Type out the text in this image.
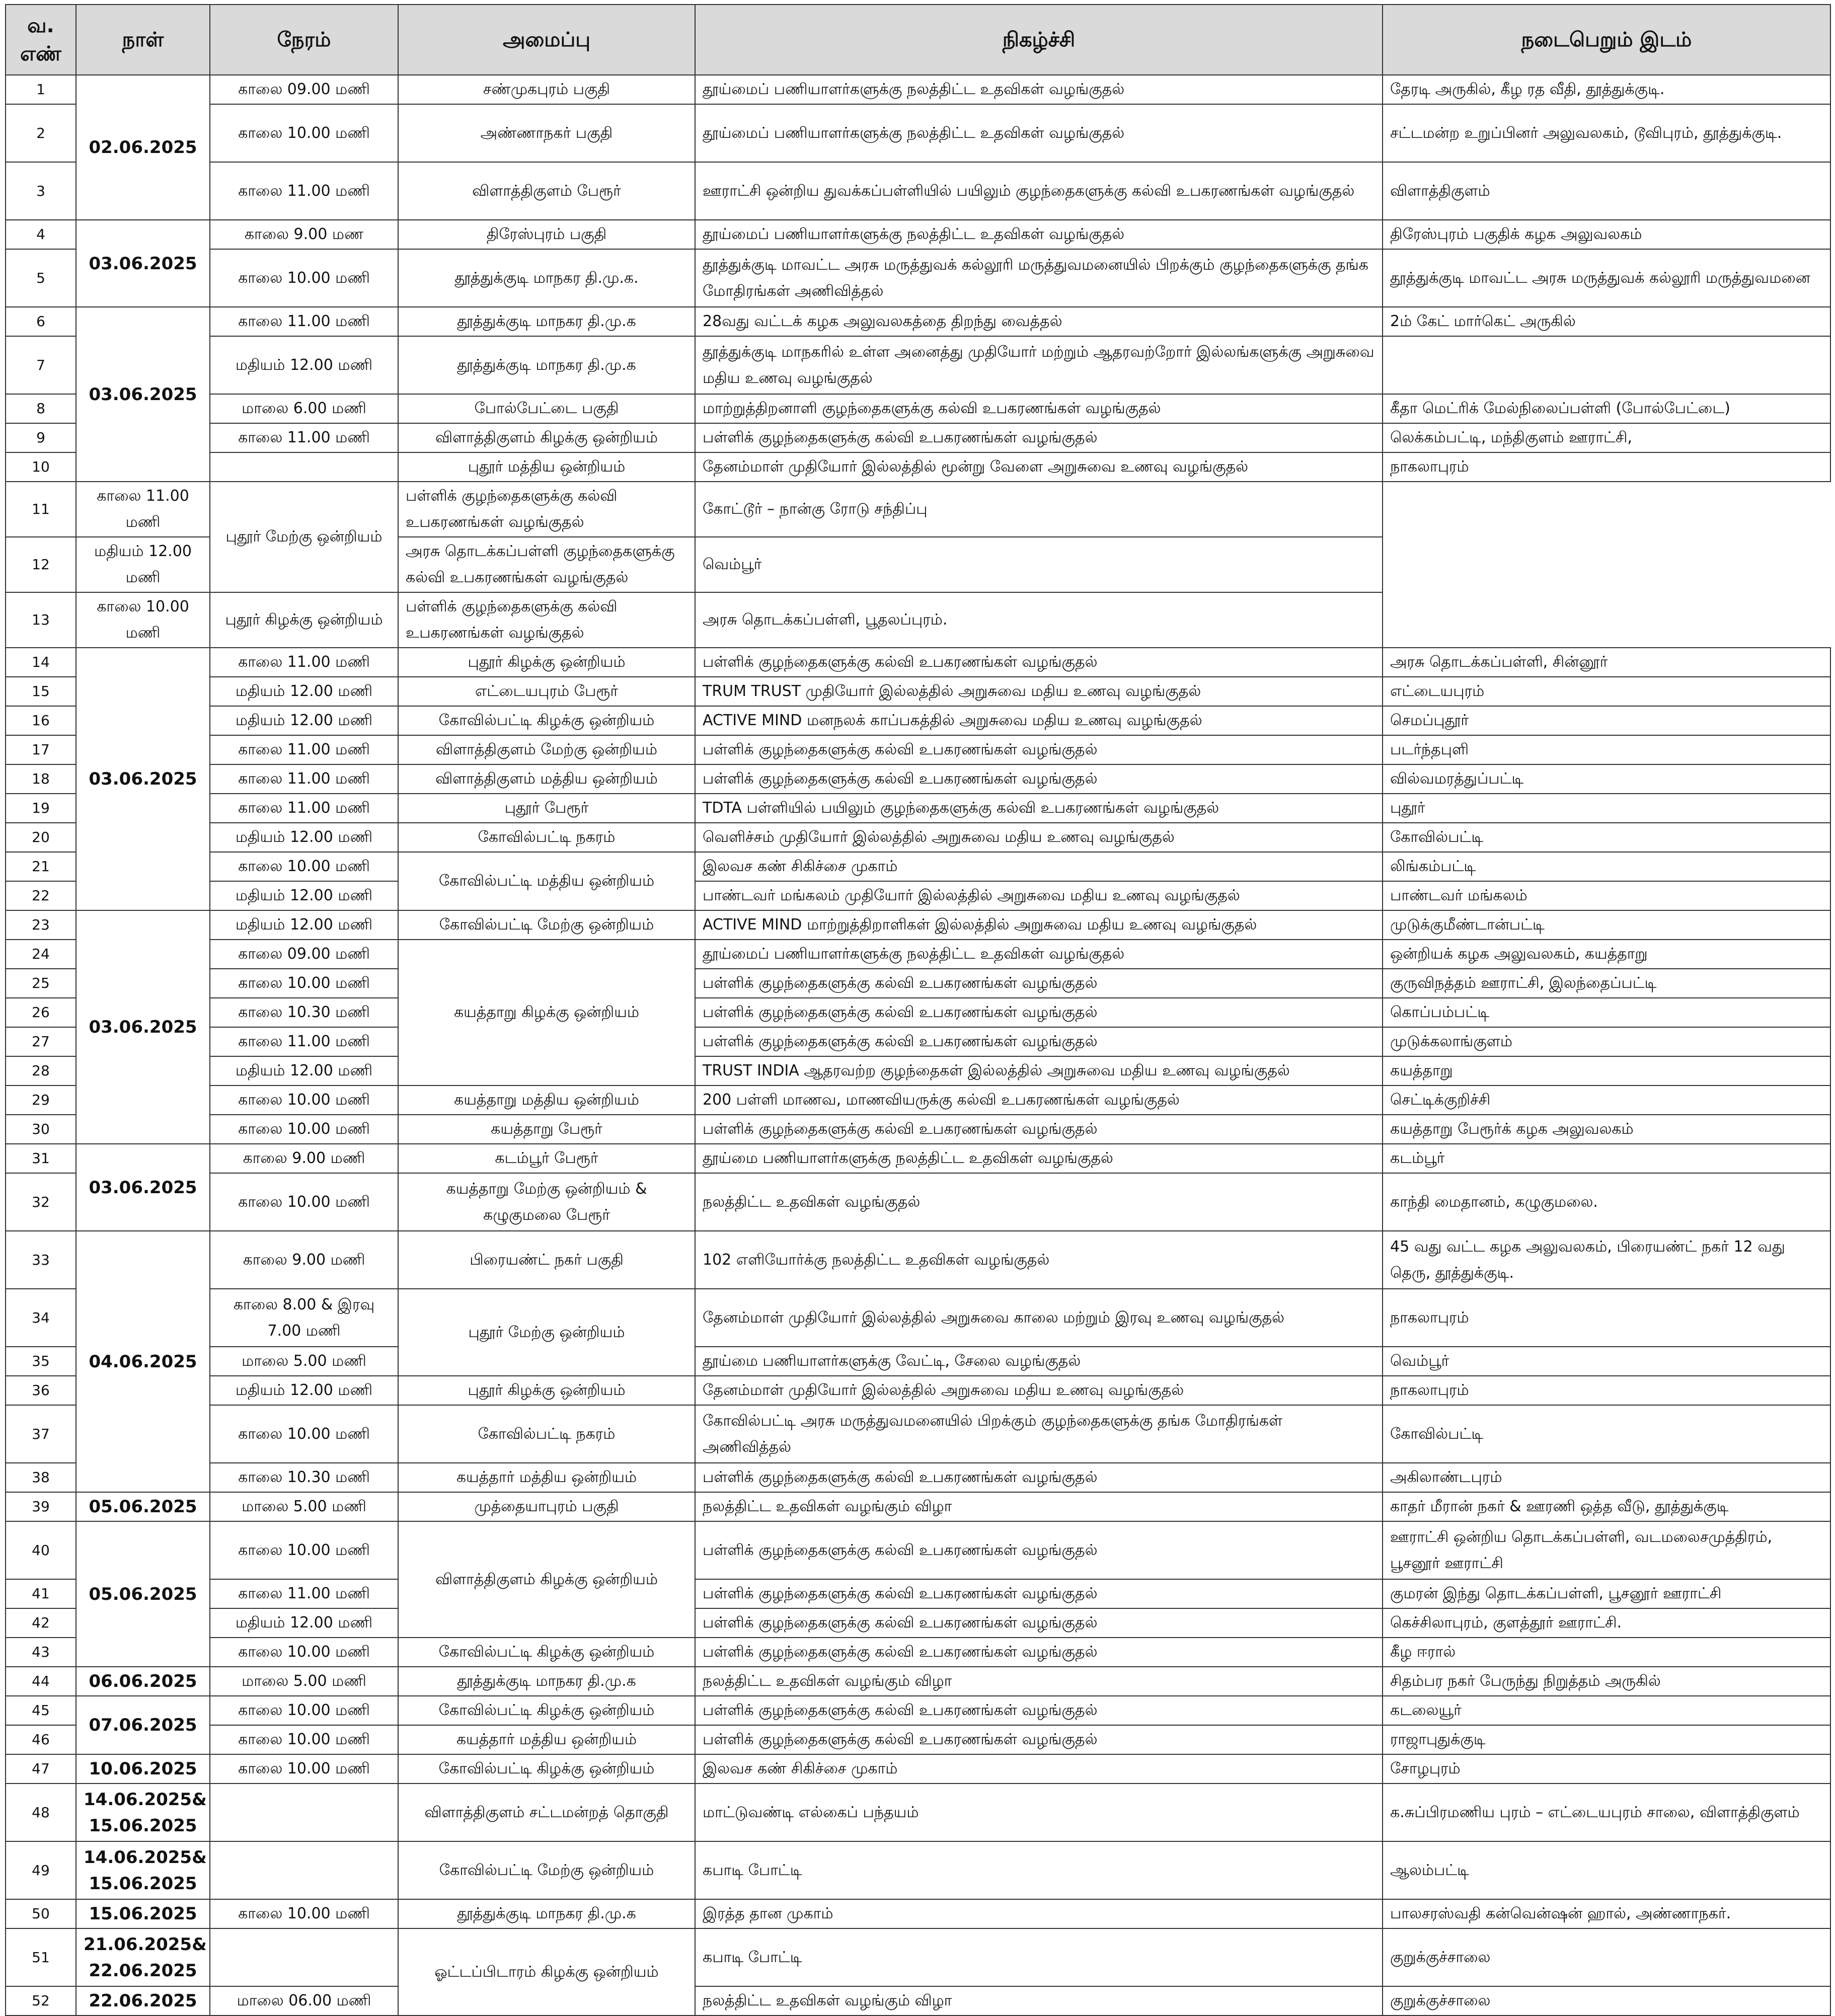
வ. எண்	நாள்	நேரம்	அமைப்பு	நிகழ்ச்சி	நடைபெறும் இடம்
1	02.06.2025	காலை 09.00 மணி	சண்முகபுரம் பகுதி	தூய்மைப் பணியாளர்களுக்கு நலத்திட்ட உதவிகள் வழங்குதல்	தேரடி அருகில், கீழ ரத வீதி, தூத்துக்குடி.
2		காலை 10.00 மணி	அண்ணாநகர் பகுதி	தூய்மைப் பணியாளர்களுக்கு நலத்திட்ட உதவிகள் வழங்குதல்	சட்டமன்ற உறுப்பினர் அலுவலகம், டூவிபுரம், தூத்துக்குடி.
3		காலை 11.00 மணி	விளாத்திகுளம் பேரூர்	ஊராட்சி ஒன்றிய துவக்கப்பள்ளியில் பயிலும் குழந்தைகளுக்கு கல்வி உபகரணங்கள் வழங்குதல்	விளாத்திகுளம்
4	03.06.2025	காலை 9.00 மண	திரேஸ்புரம் பகுதி	தூய்மைப் பணியாளர்களுக்கு நலத்திட்ட உதவிகள் வழங்குதல்	திரேஸ்புரம் பகுதிக் கழக அலுவலகம்
5		காலை 10.00 மணி	தூத்துக்குடி மாநகர தி.மு.க.	தூத்துக்குடி மாவட்ட அரசு மருத்துவக் கல்லூரி மருத்துவமனையில் பிறக்கும் குழந்தைகளுக்கு தங்க மோதிரங்கள் அணிவித்தல்	தூத்துக்குடி மாவட்ட அரசு மருத்துவக் கல்லூரி மருத்துவமனை
6	03.06.2025	காலை 11.00 மணி	தூத்துக்குடி மாநகர தி.மு.க	28வது வட்டக் கழக அலுவலகத்தை திறந்து வைத்தல்	2ம் கேட் மார்கெட் அருகில்
7		மதியம் 12.00 மணி	தூத்துக்குடி மாநகர தி.மு.க	தூத்துக்குடி மாநகரில் உள்ள அனைத்து முதியோர் மற்றும் ஆதரவற்றோர் இல்லங்களுக்கு அறுசுவை மதிய உணவு வழங்குதல்	
8		மாலை 6.00 மணி	போல்பேட்டை பகுதி	மாற்றுத்திறனாளி குழந்தைகளுக்கு கல்வி உபகரணங்கள் வழங்குதல்	கீதா மெட்ரிக் மேல்நிலைப்பள்ளி (போல்பேட்டை)
9		காலை 11.00 மணி	விளாத்திகுளம் கிழக்கு ஒன்றியம்	பள்ளிக் குழந்தைகளுக்கு கல்வி உபகரணங்கள் வழங்குதல்	லெக்கம்பட்டி, மந்திகுளம் ஊராட்சி,
10			புதூர் மத்திய ஒன்றியம்	தேனம்மாள் முதியோர் இல்லத்தில் மூன்று வேளை அறுசுவை உணவு வழங்குதல்	நாகலாபுரம்
11	காலை 11.00 மணி	புதூர் மேற்கு ஒன்றியம்	பள்ளிக் குழந்தைகளுக்கு கல்வி உபகரணங்கள் வழங்குதல்	கோட்டூர் – நான்கு ரோடு சந்திப்பு	
12	மதியம் 12.00 மணி		அரசு தொடக்கப்பள்ளி குழந்தைகளுக்கு கல்வி உபகரணங்கள் வழங்குதல்	வெம்பூர்	
13	காலை 10.00 மணி	புதூர் கிழக்கு ஒன்றியம்	பள்ளிக் குழந்தைகளுக்கு கல்வி உபகரணங்கள் வழங்குதல்	அரசு தொடக்கப்பள்ளி, பூதலப்புரம்.	
14	03.06.2025	காலை 11.00 மணி	புதூர் கிழக்கு ஒன்றியம்	பள்ளிக் குழந்தைகளுக்கு கல்வி உபகரணங்கள் வழங்குதல்	அரசு தொடக்கப்பள்ளி, சின்னூர்
15		மதியம் 12.00 மணி	எட்டையபுரம் பேரூர்	TRUM TRUST முதியோர் இல்லத்தில் அறுசுவை மதிய உணவு வழங்குதல்	எட்டையபுரம்
16		மதியம் 12.00 மணி	கோவில்பட்டி கிழக்கு ஒன்றியம்	ACTIVE MIND மனநலக் காப்பகத்தில் அறுசுவை மதிய உணவு வழங்குதல்	செமப்புதூர்
17		காலை 11.00 மணி	விளாத்திகுளம் மேற்கு ஒன்றியம்	பள்ளிக் குழந்தைகளுக்கு கல்வி உபகரணங்கள் வழங்குதல்	படர்ந்தபுளி
18		காலை 11.00 மணி	விளாத்திகுளம் மத்திய ஒன்றியம்	பள்ளிக் குழந்தைகளுக்கு கல்வி உபகரணங்கள் வழங்குதல்	வில்வமரத்துப்பட்டி
19		காலை 11.00 மணி	புதூர் பேரூர்	TDTA பள்ளியில் பயிலும் குழந்தைகளுக்கு கல்வி உபகரணங்கள் வழங்குதல்	புதூர்
20		மதியம் 12.00 மணி	கோவில்பட்டி நகரம்	வெளிச்சம் முதியோர் இல்லத்தில் அறுசுவை மதிய உணவு வழங்குதல்	கோவில்பட்டி
21		காலை 10.00 மணி	கோவில்பட்டி மத்திய ஒன்றியம்	இலவச கண் சிகிச்சை முகாம்	லிங்கம்பட்டி
22		மதியம் 12.00 மணி		பாண்டவர் மங்கலம் முதியோர் இல்லத்தில் அறுசுவை மதிய உணவு வழங்குதல்	பாண்டவர் மங்கலம்
23	03.06.2025	மதியம் 12.00 மணி	கோவில்பட்டி மேற்கு ஒன்றியம்	ACTIVE MIND மாற்றுத்திறாளிகள் இல்லத்தில் அறுசுவை மதிய உணவு வழங்குதல்	முடுக்குமீண்டான்பட்டி
24		காலை 09.00 மணி	கயத்தாறு கிழக்கு ஒன்றியம்	தூய்மைப் பணியாளர்களுக்கு நலத்திட்ட உதவிகள் வழங்குதல்	ஒன்றியக் கழக அலுவலகம், கயத்தாறு
25		காலை 10.00 மணி		பள்ளிக் குழந்தைகளுக்கு கல்வி உபகரணங்கள் வழங்குதல்	குருவிநத்தம் ஊராட்சி, இலந்தைப்பட்டி
26		காலை 10.30 மணி		பள்ளிக் குழந்தைகளுக்கு கல்வி உபகரணங்கள் வழங்குதல்	கொப்பம்பட்டி
27		காலை 11.00 மணி		பள்ளிக் குழந்தைகளுக்கு கல்வி உபகரணங்கள் வழங்குதல்	முடுக்கலாங்குளம்
28		மதியம் 12.00 மணி		TRUST INDIA ஆதரவற்ற குழந்தைகள் இல்லத்தில் அறுசுவை மதிய உணவு வழங்குதல்	கயத்தாறு
29		காலை 10.00 மணி	கயத்தாறு மத்திய ஒன்றியம்	200 பள்ளி மாணவ, மாணவியருக்கு கல்வி உபகரணங்கள் வழங்குதல்	செட்டிக்குறிச்சி
30		காலை 10.00 மணி	கயத்தாறு பேரூர்	பள்ளிக் குழந்தைகளுக்கு கல்வி உபகரணங்கள் வழங்குதல்	கயத்தாறு பேரூர்க் கழக அலுவலகம்
31	03.06.2025	காலை 9.00 மணி	கடம்பூர் பேரூர்	தூய்மை பணியாளர்களுக்கு நலத்திட்ட உதவிகள் வழங்குதல்	கடம்பூர்
32		காலை 10.00 மணி	கயத்தாறு மேற்கு ஒன்றியம் & கழுகுமலை பேரூர்	நலத்திட்ட உதவிகள் வழங்குதல்	காந்தி மைதானம், கழுகுமலை.
33	04.06.2025	காலை 9.00 மணி	பிரையண்ட் நகர் பகுதி	102 எளியோர்க்கு நலத்திட்ட உதவிகள் வழங்குதல்	45 வது வட்ட கழக அலுவலகம், பிரையண்ட் நகர் 12 வது தெரு, தூத்துக்குடி.
34		காலை 8.00 & இரவு 7.00 மணி	புதூர் மேற்கு ஒன்றியம்	தேனம்மாள் முதியோர் இல்லத்தில் அறுசுவை காலை மற்றும் இரவு உணவு வழங்குதல்	நாகலாபுரம்
35		மாலை 5.00 மணி		தூய்மை பணியாளர்களுக்கு வேட்டி, சேலை வழங்குதல்	வெம்பூர்
36		மதியம் 12.00 மணி	புதூர் கிழக்கு ஒன்றியம்	தேனம்மாள் முதியோர் இல்லத்தில் அறுசுவை மதிய உணவு வழங்குதல்	நாகலாபுரம்
37		காலை 10.00 மணி	கோவில்பட்டி நகரம்	கோவில்பட்டி அரசு மருத்துவமனையில் பிறக்கும் குழந்தைகளுக்கு தங்க மோதிரங்கள் அணிவித்தல்	கோவில்பட்டி
38		காலை 10.30 மணி	கயத்தார் மத்திய ஒன்றியம்	பள்ளிக் குழந்தைகளுக்கு கல்வி உபகரணங்கள் வழங்குதல்	அகிலாண்டபுரம்
39	05.06.2025	மாலை 5.00 மணி	முத்தையாபுரம் பகுதி	நலத்திட்ட உதவிகள் வழங்கும் விழா	காதர் மீரான் நகர் & ஊரணி ஒத்த வீடு, தூத்துக்குடி
40	05.06.2025	காலை 10.00 மணி	விளாத்திகுளம் கிழக்கு ஒன்றியம்	பள்ளிக் குழந்தைகளுக்கு கல்வி உபகரணங்கள் வழங்குதல்	ஊராட்சி ஒன்றிய தொடக்கப்பள்ளி, வடமலைசமுத்திரம், பூசனூர் ஊராட்சி
41		காலை 11.00 மணி		பள்ளிக் குழந்தைகளுக்கு கல்வி உபகரணங்கள் வழங்குதல்	குமரன் இந்து தொடக்கப்பள்ளி, பூசனூர் ஊராட்சி
42		மதியம் 12.00 மணி		பள்ளிக் குழந்தைகளுக்கு கல்வி உபகரணங்கள் வழங்குதல்	கெச்சிலாபுரம், குளத்தூர் ஊராட்சி.
43		காலை 10.00 மணி	கோவில்பட்டி கிழக்கு ஒன்றியம்	பள்ளிக் குழந்தைகளுக்கு கல்வி உபகரணங்கள் வழங்குதல்	கீழ ஈரால்
44	06.06.2025	மாலை 5.00 மணி	தூத்துக்குடி மாநகர தி.மு.க	நலத்திட்ட உதவிகள் வழங்கும் விழா	சிதம்பர நகர் பேருந்து நிறுத்தம் அருகில்
45	07.06.2025	காலை 10.00 மணி	கோவில்பட்டி கிழக்கு ஒன்றியம்	பள்ளிக் குழந்தைகளுக்கு கல்வி உபகரணங்கள் வழங்குதல்	கடலையூர்
46		காலை 10.00 மணி	கயத்தார் மத்திய ஒன்றியம்	பள்ளிக் குழந்தைகளுக்கு கல்வி உபகரணங்கள் வழங்குதல்	ராஜாபுதுக்குடி
47	10.06.2025	காலை 10.00 மணி	கோவில்பட்டி கிழக்கு ஒன்றியம்	இலவச கண் சிகிச்சை முகாம்	சோழபுரம்
48	14.06.2025& 15.06.2025		விளாத்திகுளம் சட்டமன்றத் தொகுதி	மாட்டுவண்டி எல்கைப் பந்தயம்	க.சுப்பிரமணிய புரம் – எட்டையபுரம் சாலை, விளாத்திகுளம்
49	14.06.2025& 15.06.2025		கோவில்பட்டி மேற்கு ஒன்றியம்	கபாடி போட்டி	ஆலம்பட்டி
50	15.06.2025	காலை 10.00 மணி	தூத்துக்குடி மாநகர தி.மு.க	இரத்த தான முகாம்	பாலசரஸ்வதி கன்வென்ஷன் ஹால், அண்ணாநகர்.
51	21.06.2025& 22.06.2025		ஓட்டப்பிடாரம் கிழக்கு ஒன்றியம்	கபாடி போட்டி	குறுக்குச்சாலை
52	22.06.2025	மாலை 06.00 மணி		நலத்திட்ட உதவிகள் வழங்கும் விழா	குறுக்குச்சாலை
